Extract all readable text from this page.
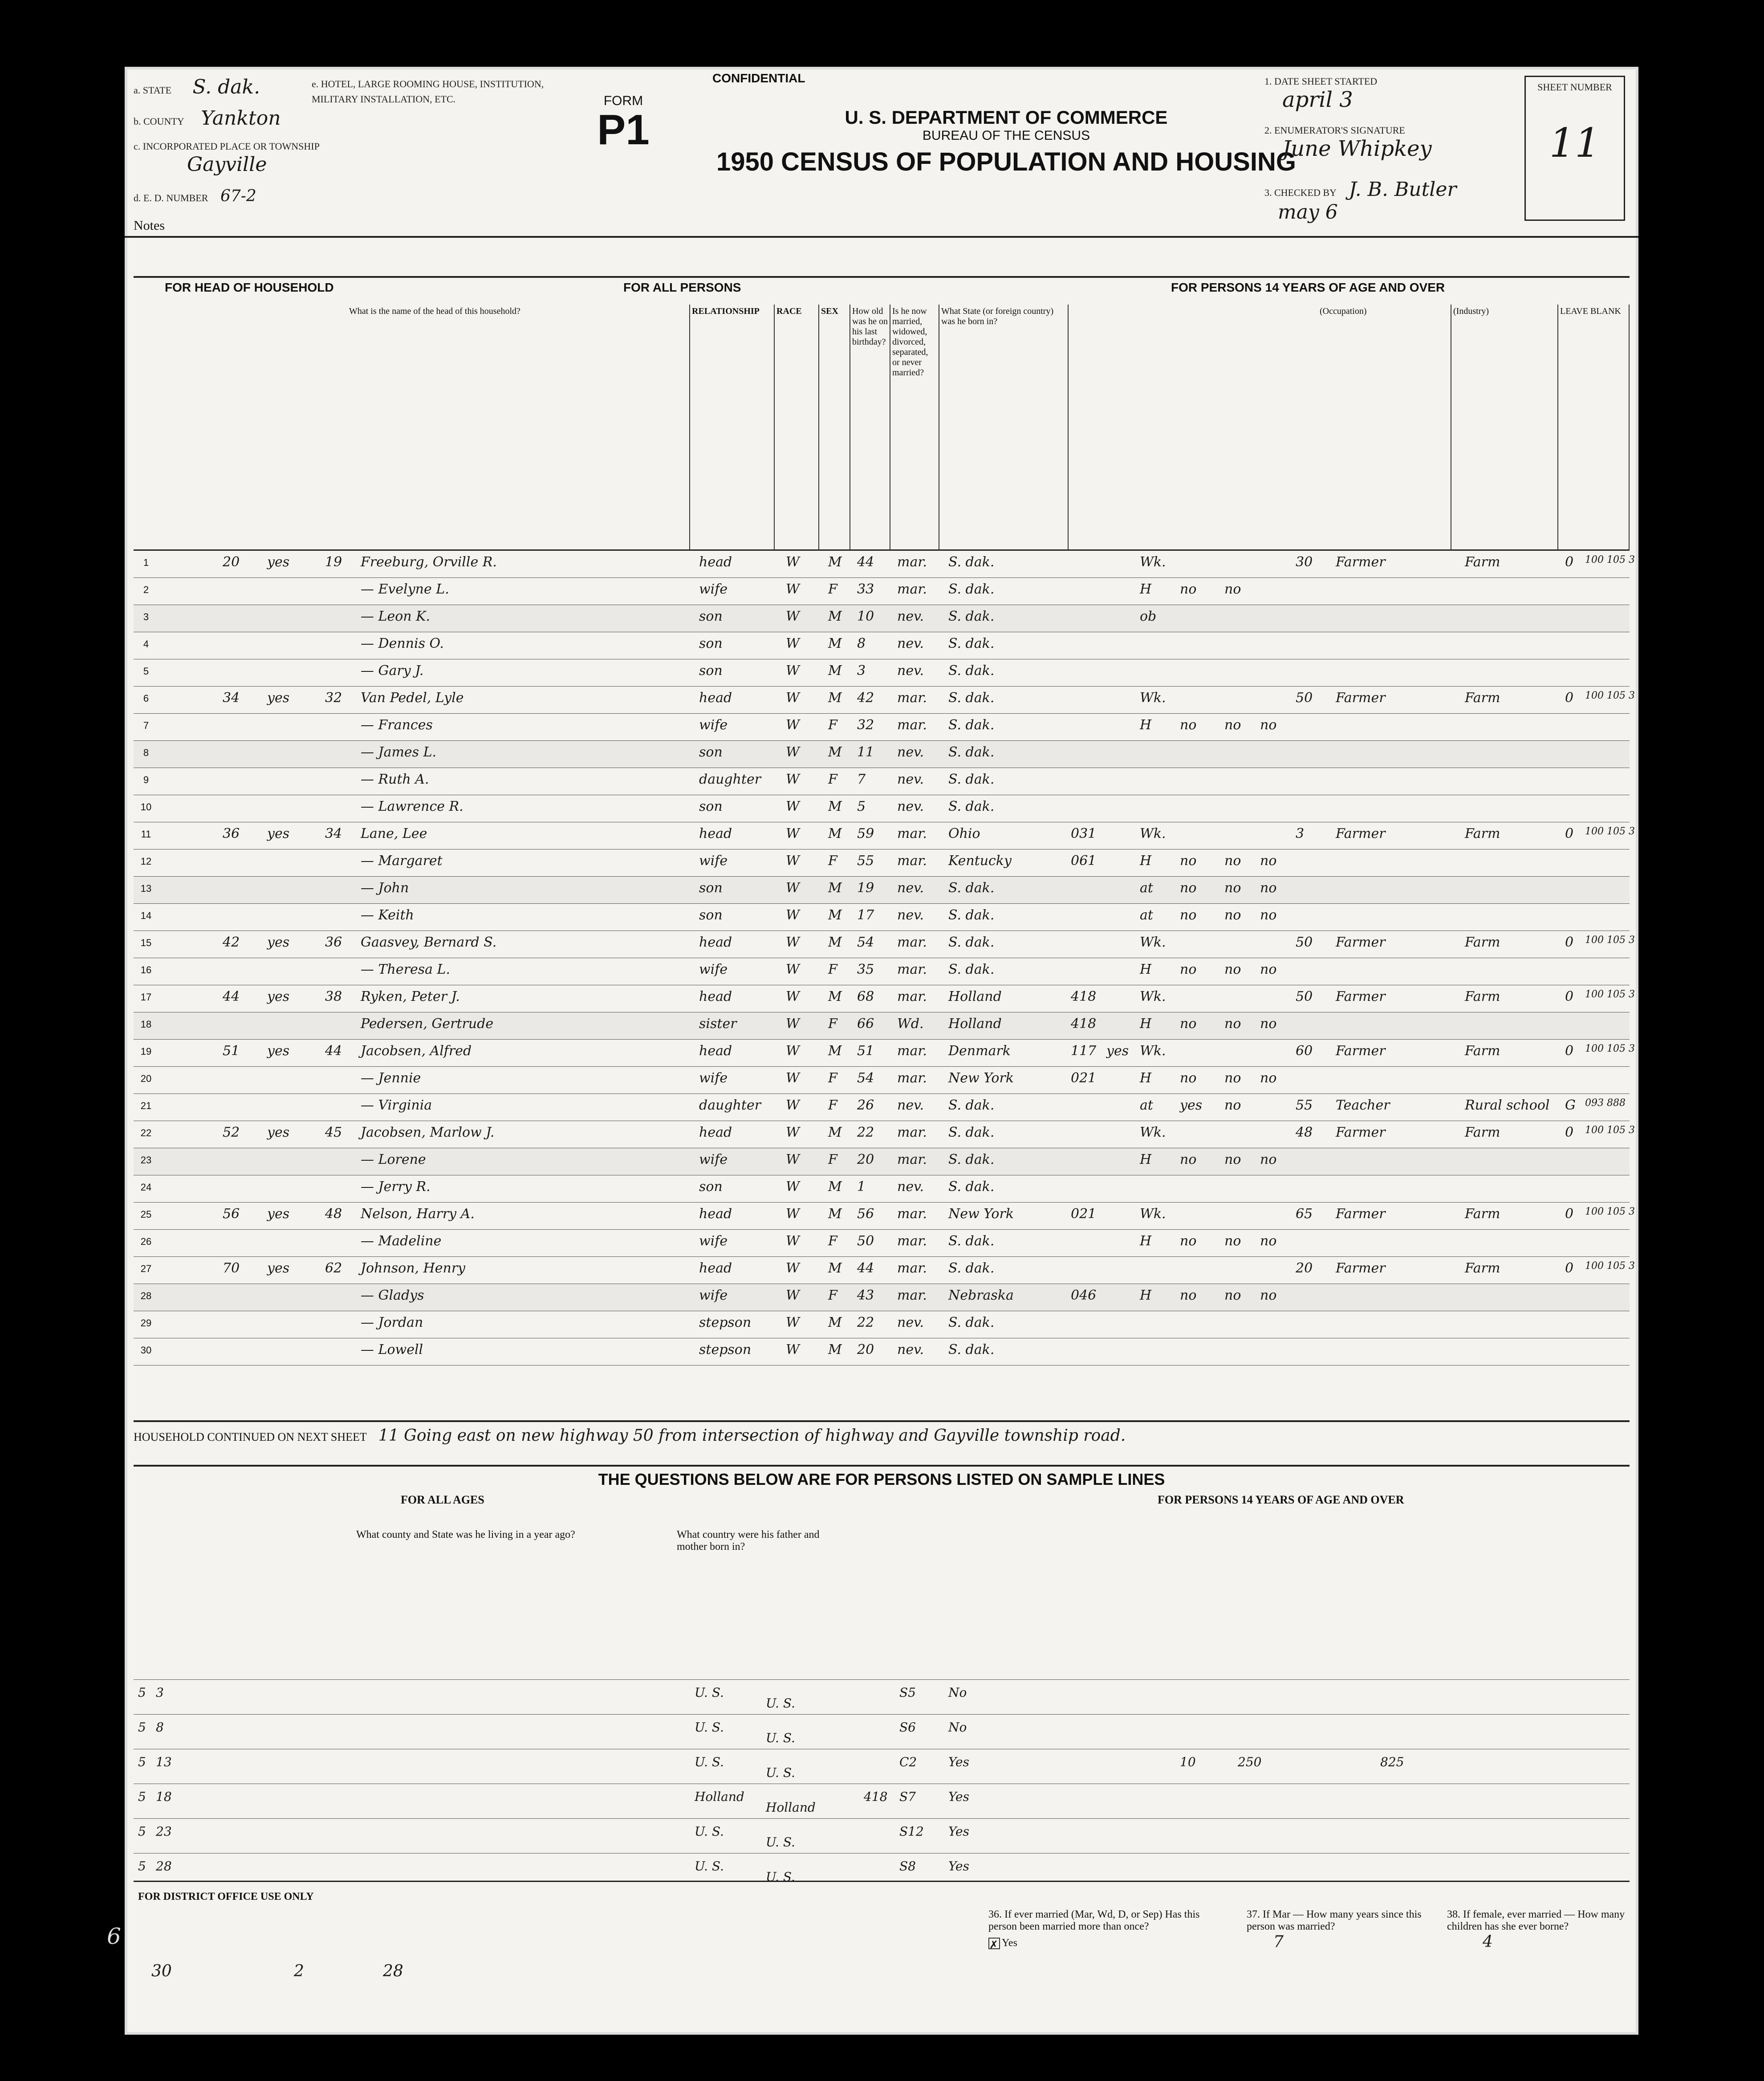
a. STATE S. dak.
b. COUNTY Yankton
c. INCORPORATED PLACE OR TOWNSHIP
Gayville
d. E. D. NUMBER 67-2
e. HOTEL, LARGE ROOMING HOUSE, INSTITUTION, MILITARY INSTALLATION, ETC.
CONFIDENTIAL
FORM
P1	U. S. DEPARTMENT OF COMMERCE
BUREAU OF THE CENSUS
1950 CENSUS OF POPULATION AND HOUSING
1. DATE SHEET STARTED
april 3
2. ENUMERATOR'S SIGNATURE
June Whipkey
3. CHECKED BY J. B. Butler may 6
SHEET NUMBER
11
Notes
FOR HEAD OF HOUSEHOLD	FOR ALL PERSONS	FOR PERSONS 14 YEARS OF AGE AND OVER
What is the name of the head of this household?	RELATIONSHIP	RACE	SEX	How old was he on his last birthday?
Is he now married, widowed, divorced, separated, or never married?
What State (or foreign country) was he born in?
(Occupation)	(Industry)	LEAVE BLANK
1	20 yes	19 Freeburg, Orville R.	head	W M 44 mar. S. dak.	Wk.	30 Farmer	Farm	0 100 105 3
2	— Evelyne L.	wife	W F 33 mar. S. dak.	H no no
3	— Leon K.	son	W M 10 nev. S. dak.	ob
4	— Dennis O.	son	W M 8 nev. S. dak.
5	— Gary J.	son	W M 3 nev. S. dak.
6	34 yes	32 Van Pedel, Lyle	head	W M 42 mar. S. dak.	Wk.	50 Farmer	Farm	0 100 105 3
7	— Frances	wife	W F 32 mar. S. dak.	H no no no
8	— James L.	son	W M 11 nev. S. dak.
9	— Ruth A.	daughter W F 7 nev. S. dak.
10	— Lawrence R.	son	W M 5 nev. S. dak.
11	36 yes	34 Lane, Lee	head	W M 59 mar. Ohio	031	Wk.	3 Farmer	Farm	0 100 105 3
12	— Margaret	wife	W F 55 mar. Kentucky	061	H no no no
13	— John	son	W M 19 nev. S. dak.	at no no no
14	— Keith	son	W M 17 nev. S. dak.	at no no no
15	42 yes	36 Gaasvey, Bernard S.	head	W M 54 mar. S. dak.	Wk.	50 Farmer	Farm	0 100 105 3
16	— Theresa L.	wife	W F 35 mar. S. dak.	H no no no
17	44 yes	38 Ryken, Peter J.	head	W M 68 mar. Holland	418	Wk.	50 Farmer	Farm	0 100 105 3
18	Pedersen, Gertrude	sister	W F 66 Wd. Holland	418	H no no no
19	51 yes	44 Jacobsen, Alfred	head	W M 51 mar. Denmark	117 yes Wk.	60 Farmer	Farm	0 100 105 3
20	— Jennie	wife	W F 54 mar. New York	021	H no no no
21	— Virginia	daughter W F 26 nev. S. dak.	at yes no	55 Teacher	Rural school G 093 888
22	52 yes	45 Jacobsen, Marlow J.	head	W M 22 mar. S. dak.	Wk.	48 Farmer	Farm	0 100 105 3
23	— Lorene	wife	W F 20 mar. S. dak.	H no no no
24	— Jerry R.	son	W M 1 nev. S. dak.
25	56 yes	48 Nelson, Harry A.	head	W M 56 mar. New York	021	Wk.	65 Farmer	Farm	0 100 105 3
26	— Madeline	wife	W F 50 mar. S. dak.	H no no no
27	70 yes	62 Johnson, Henry	head	W M 44 mar. S. dak.	20 Farmer	Farm	0 100 105 3
28	— Gladys	wife	W F 43 mar. Nebraska	046	H no no no
29	— Jordan	stepson	W M 22 nev. S. dak.
30	— Lowell	stepson	W M 20 nev. S. dak.
HOUSEHOLD CONTINUED ON NEXT SHEET 11 Going east on new highway 50 from intersection of highway and Gayville township road.
THE QUESTIONS BELOW ARE FOR PERSONS LISTED ON SAMPLE LINES
FOR ALL AGES	FOR PERSONS 14 YEARS OF AGE AND OVER
What county and State was he living in a year ago?	What country were his father and mother born in?
5 3	U. S.	S5	No
U. S.
5 8	U. S.	S6	No
U. S.
5 13	U. S.	C2	Yes	10	250	825
U. S.
5 18	Holland	418 S7	Yes
Holland
5 23	U. S.	S12 Yes
U. S.
5 28	U. S.	S8	Yes
U. S.
FOR DISTRICT OFFICE USE ONLY
30	2	28
36. If ever married (Mar, Wd, D, or Sep) Has this person been married more than once?
✗ Yes
37. If Mar — How many years since this person was married?
7
38. If female, ever married — How many children has she ever borne?
4
6
